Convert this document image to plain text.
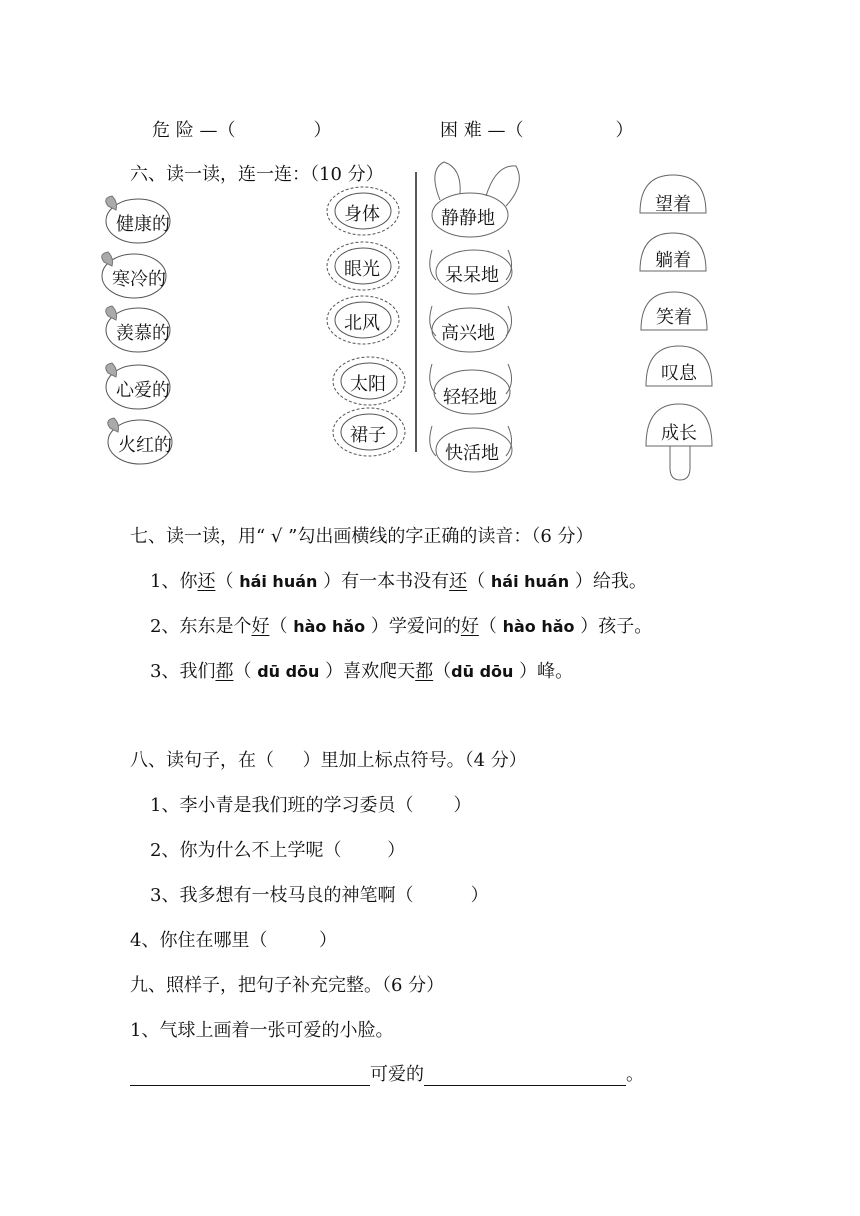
危 险 —（	）	困 难 —（	）
六、读一读，连一连：（10 分）
健康的
寒冷的
羡慕的
心爱的
火红的
身体
眼光
北风
太阳
裙子
静静地
呆呆地
高兴地
轻轻地
快活地
望着
躺着
笑着
叹息
成长
七、读一读，用“ √ ”勾出画横线的字正确的读音：（6 分）
1、你还（ hái huán ）有一本书没有还（ hái huán ）给我。
2、东东是个好（ hào hǎo ）学爱问的好（ hào hǎo ）孩子。
3、我们都（ dū dōu ）喜欢爬天都（dū dōu ）峰。
八、读句子，在（     ）里加上标点符号。（4 分）
1、李小青是我们班的学习委员（       ）
2、你为什么不上学呢（        ）
3、我多想有一枝马良的神笔啊（          ）
4、你住在哪里（         ）
九、照样子，把句子补充完整。（6 分）
1、气球上画着一张可爱的小脸。
可爱的	。
